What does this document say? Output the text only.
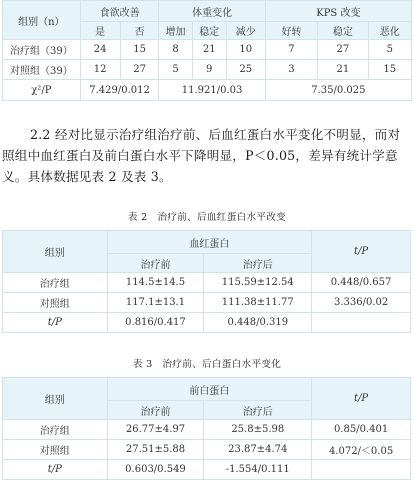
组别（n）	食欲改善		体重变化			KPS 改变		
	是	否	增加	稳定	减少	好转	稳定	恶化
治疗组（39）	24	15	8	21	10	7	27	5
对照组（39）	12	27	5	9	25	3	21	15
χ²/P	7.429/0.012		11.921/0.03			7.35/0.025		

2.2 经对比显示治疗组治疗前、后血红蛋白水平变化不明显，而对照组中血红蛋白及前白蛋白水平下降明显，P＜0.05，差异有统计学意义。具体数据见表 2 及表 3。

表 2　治疗前、后血红蛋白水平改变
组别	血红蛋白		t/P
	治疗前	治疗后	
治疗组	114.5±14.5	115.59±12.54	0.448/0.657
对照组	117.1±13.1	111.38±11.77	3.336/0.02
t/P	0.816/0.417	0.448/0.319	
表 3　治疗前、后白蛋白水平变化
组别	前白蛋白		t/P
	治疗前	治疗后	
治疗组	26.77±4.97	25.8±5.98	0.85/0.401
对照组	27.51±5.88	23.87±4.74	4.072/＜0.05
t/P	0.603/0.549	-1.554/0.111	
